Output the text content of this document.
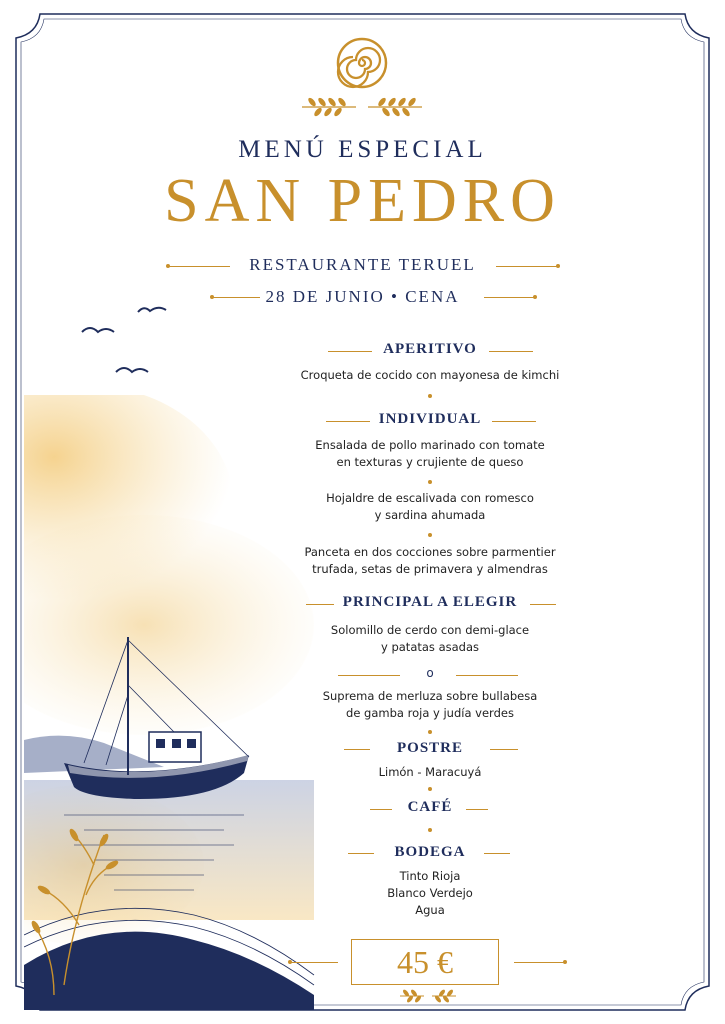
MENÚ ESPECIAL
SAN PEDRO
RESTAURANTE TERUEL
28 DE JUNIO • CENA
APERITIVO
Croqueta de cocido con mayonesa de kimchi
INDIVIDUAL
Ensalada de pollo marinado con tomate
en texturas y crujiente de queso
Hojaldre de escalivada con romesco
y sardina ahumada
Panceta en dos cocciones sobre parmentier
trufada, setas de primavera y almendras
PRINCIPAL A ELEGIR
Solomillo de cerdo con demi-glace
y patatas asadas
o
Suprema de merluza sobre bullabesa
de gamba roja y judía verdes
POSTRE
Limón - Maracuyá
CAFÉ
BODEGA
Tinto Rioja
Blanco Verdejo
Agua
45 €
